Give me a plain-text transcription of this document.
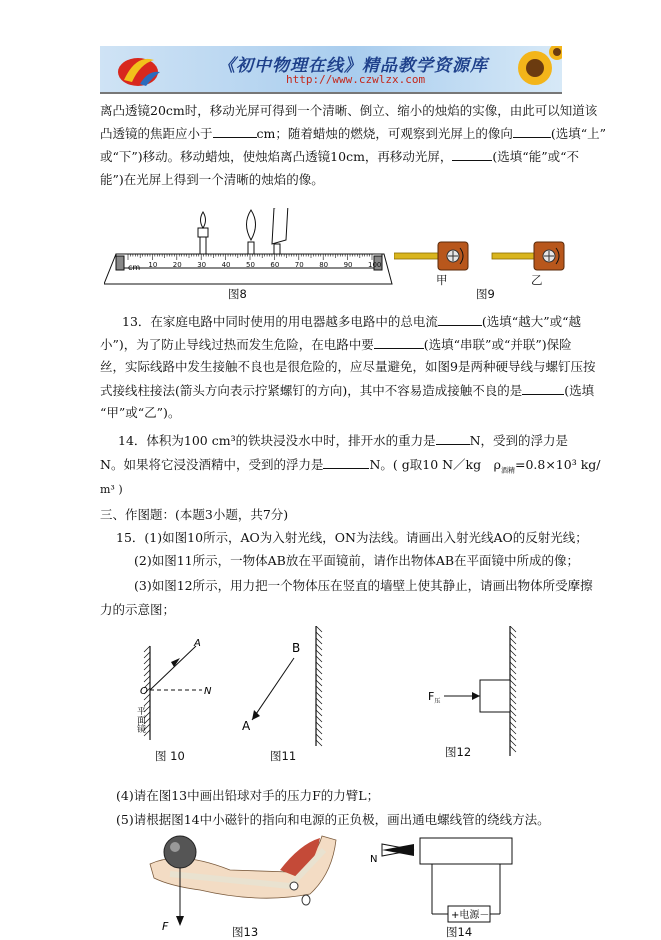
《初中物理在线》精品教学资源库
http://www.czwlzx.com
离凸透镜20cm时，移动光屏可得到一个清晰、倒立、缩小的烛焰的实像，由此可以知道该
凸透镜的焦距应小于	cm；随着蜡烛的燃烧，可观察到光屏上的像向	(选填“上”
或“下”)移动。移动蜡烛，使烛焰离凸透镜10cm，再移动光屏，	(选填“能”或“不
能”)在光屏上得到一个清晰的烛焰的像。
10 20 30 40 50 60 70 80 90 100
cm
图8
甲	乙
图9
13．在家庭电路中同时使用的用电器越多电路中的总电流	(选填“越大”或“越
小”)，为了防止导线过热而发生危险，在电路中要	(选填“串联”或“并联”)保险
丝，实际线路中发生接触不良也是很危险的，应尽量避免，如图9是两种硬导线与螺钉压按
式接线柱接法(箭头方向表示拧紧螺钉的方向)，其中不容易造成接触不良的是	(选填
“甲”或“乙”)。
14．体积为100 cm³的铁块浸没水中时，排开水的重力是	N，受到的浮力是
N。如果将它浸没酒精中，受到的浮力是	N。( g取10 N／kg　$\rho_{酒精}=0.8\times 10^3$ kg/
m³ )
三、作图题：(本题3小题，共7分)
15．(1)如图10所示，AO为入射光线，ON为法线。请画出入射光线AO的反射光线；
(2)如图11所示，一物体AB放在平面镜前，请作出物体AB在平面镜中所成的像；
(3)如图12所示，用力把一个物体压在竖直的墙壁上使其静止，请画出物体所受摩擦
力的示意图；
A
O	N
平面镜
图 10
B
A
图11
$F_压$
图12
(4)请在图13中画出铅球对手的压力F的力臂L；
(5)请根据图14中小磁针的指向和电源的正负极，画出通电螺线管的绕线方法。
F	图13
+电源－
N
图14
